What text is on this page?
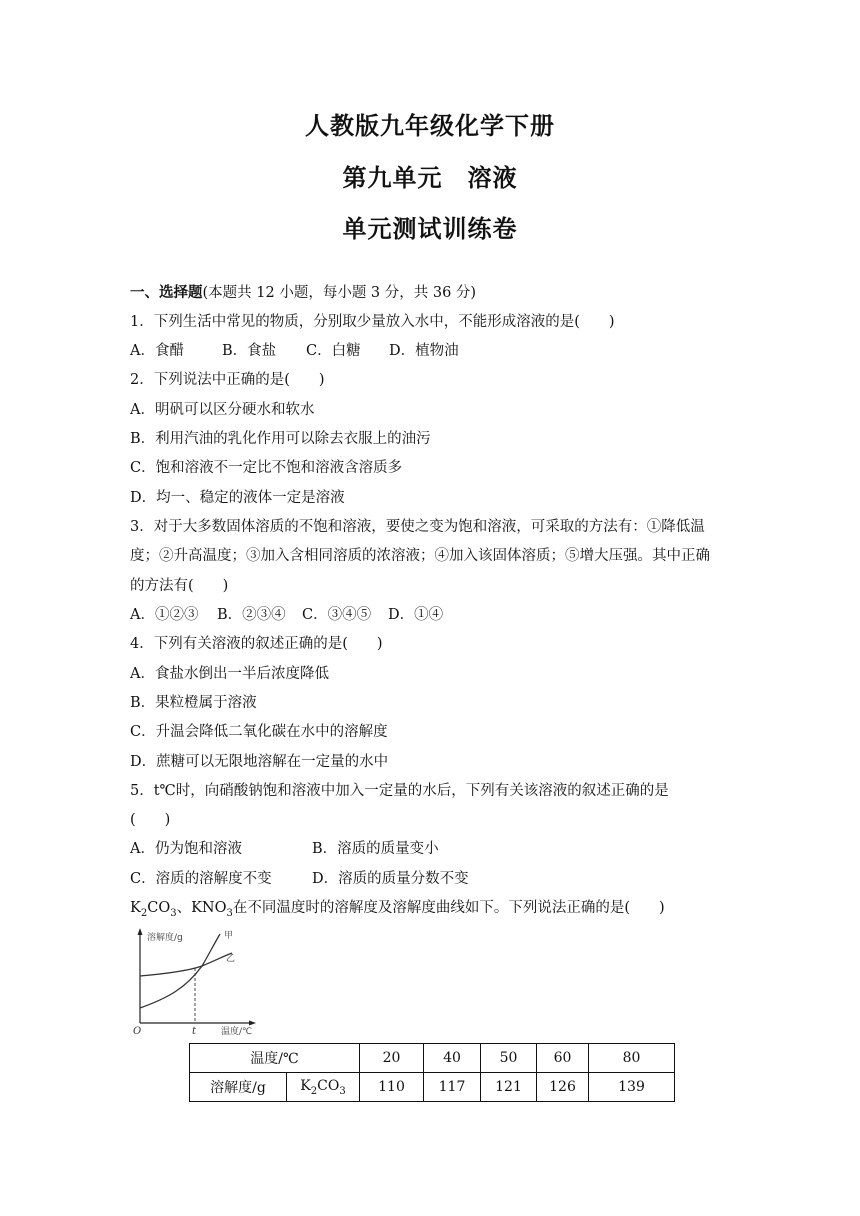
人教版九年级化学下册
第九单元　溶液
单元测试训练卷
一、选择题(本题共 12 小题，每小题 3 分，共 36 分)
1．下列生活中常见的物质，分别取少量放入水中，不能形成溶液的是(　　)
A．食醋	B．食盐 C．白糖 D．植物油
2．下列说法中正确的是(　　)
A．明矾可以区分硬水和软水
B．利用汽油的乳化作用可以除去衣服上的油污
C．饱和溶液不一定比不饱和溶液含溶质多
D．均一、稳定的液体一定是溶液
3．对于大多数固体溶质的不饱和溶液，要使之变为饱和溶液，可采取的方法有：①降低温
度；②升高温度；③加入含相同溶质的浓溶液；④加入该固体溶质；⑤增大压强。其中正确
的方法有(　　)
A．①②③ B．②③④ C．③④⑤ D．①④
4．下列有关溶液的叙述正确的是(　　)
A．食盐水倒出一半后浓度降低
B．果粒橙属于溶液
C．升温会降低二氧化碳在水中的溶解度
D．蔗糖可以无限地溶解在一定量的水中
5．t℃时，向硝酸钠饱和溶液中加入一定量的水后，下列有关该溶液的叙述正确的是
(　　)
A．仍为饱和溶液	B．溶质的质量变小
C．溶质的溶解度不变	D．溶质的质量分数不变
$K_2CO_3$、$KNO_3$在不同温度时的溶解度及溶解度曲线如下。下列说法正确的是(　　)
溶解度/g	甲
乙
O	t	温度/℃
温度/℃		20	40	50	60	80
溶解度/g	$K_2CO_3$	110	117	121	126	139
